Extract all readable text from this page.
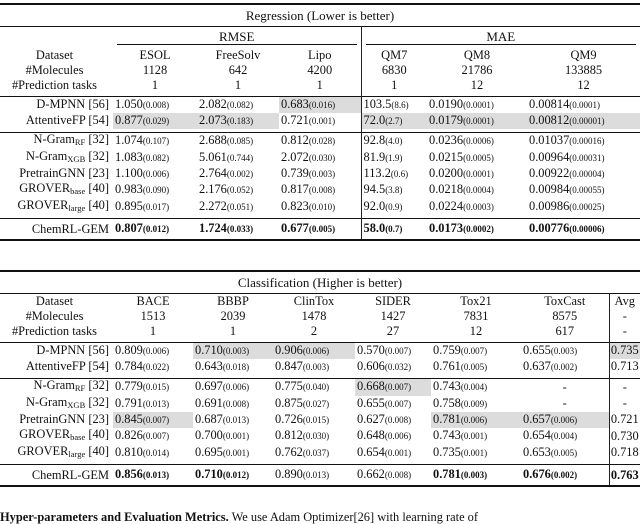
Regression (Lower is better)						

	RMSE			MAE		

Dataset	ESOL	FreeSolv	Lipo	QM7	QM8	QM9
#Molecules	1128	642	4200	6830	21786	133885
#Prediction tasks	1	1	1	1	12	12

D-MPNN [56]	1.050(0.008)	2.082(0.082)	0.683(0.016)	103.5(8.6)	0.0190(0.0001)	0.00814(0.0001)
AttentiveFP [54]	0.877(0.029)	2.073(0.183)	0.721(0.001)	72.0(2.7)	0.0179(0.0001)	0.00812(0.00001)

N-Gram$_{RF}$ [32]	1.074(0.107)	2.688(0.085)	0.812(0.028)	92.8(4.0)	0.0236(0.0006)	0.01037(0.00016)
N-Gram$_{XGB}$ [32]	1.083(0.082)	5.061(0.744)	2.072(0.030)	81.9(1.9)	0.0215(0.0005)	0.00964(0.00031)
PretrainGNN [23]	1.100(0.006)	2.764(0.002)	0.739(0.003)	113.2(0.6)	0.0200(0.0001)	0.00922(0.00004)
$GROVER_{base}$ [40]	0.983(0.090)	2.176(0.052)	0.817(0.008)	94.5(3.8)	0.0218(0.0004)	0.00984(0.00055)
$GROVER_{large}$ [40]	0.895(0.017)	2.272(0.051)	0.823(0.010)	92.0(0.9)	0.0224(0.0003)	0.00986(0.00025)

ChemRL-GEM	0.807(0.012)	1.724(0.033)	0.677(0.005)	58.0(0.7)	0.0173(0.0002)	0.00776(0.00006)

Classification (Higher is better)							
Dataset	BACE	BBBP	ClinTox	SIDER	Tox21	ToxCast	Avg
#Molecules	1513	2039	1478	1427	7831	8575	-
#Prediction tasks	1	1	2	27	12	617	-

D-MPNN [56]	0.809(0.006)	0.710(0.003)	0.906(0.006)	0.570(0.007)	0.759(0.007)	0.655(0.003)	0.735
AttentiveFP [54]	0.784(0.022)	0.643(0.018)	0.847(0.003)	0.606(0.032)	0.761(0.005)	0.637(0.002)	0.713

N-Gram$_{RF}$ [32]	0.779(0.015)	0.697(0.006)	0.775(0.040)	0.668(0.007)	0.743(0.004)	-	-
N-Gram$_{XGB}$ [32]	0.791(0.013)	0.691(0.008)	0.875(0.027)	0.655(0.007)	0.758(0.009)	-	-
PretrainGNN [23]	0.845(0.007)	0.687(0.013)	0.726(0.015)	0.627(0.008)	0.781(0.006)	0.657(0.006)	0.721
$GROVER_{base}$ [40]	0.826(0.007)	0.700(0.001)	0.812(0.030)	0.648(0.006)	0.743(0.001)	0.654(0.004)	0.730
$GROVER_{large}$ [40]	0.810(0.014)	0.695(0.001)	0.762(0.037)	0.654(0.001)	0.735(0.001)	0.653(0.005)	0.718

ChemRL-GEM	0.856(0.013)	0.710(0.012)	0.890(0.013)	0.662(0.008)	0.781(0.003)	0.676(0.002)	0.763

Hyper-parameters and Evaluation Metrics. We use Adam Optimizer[26] with learning rate of
